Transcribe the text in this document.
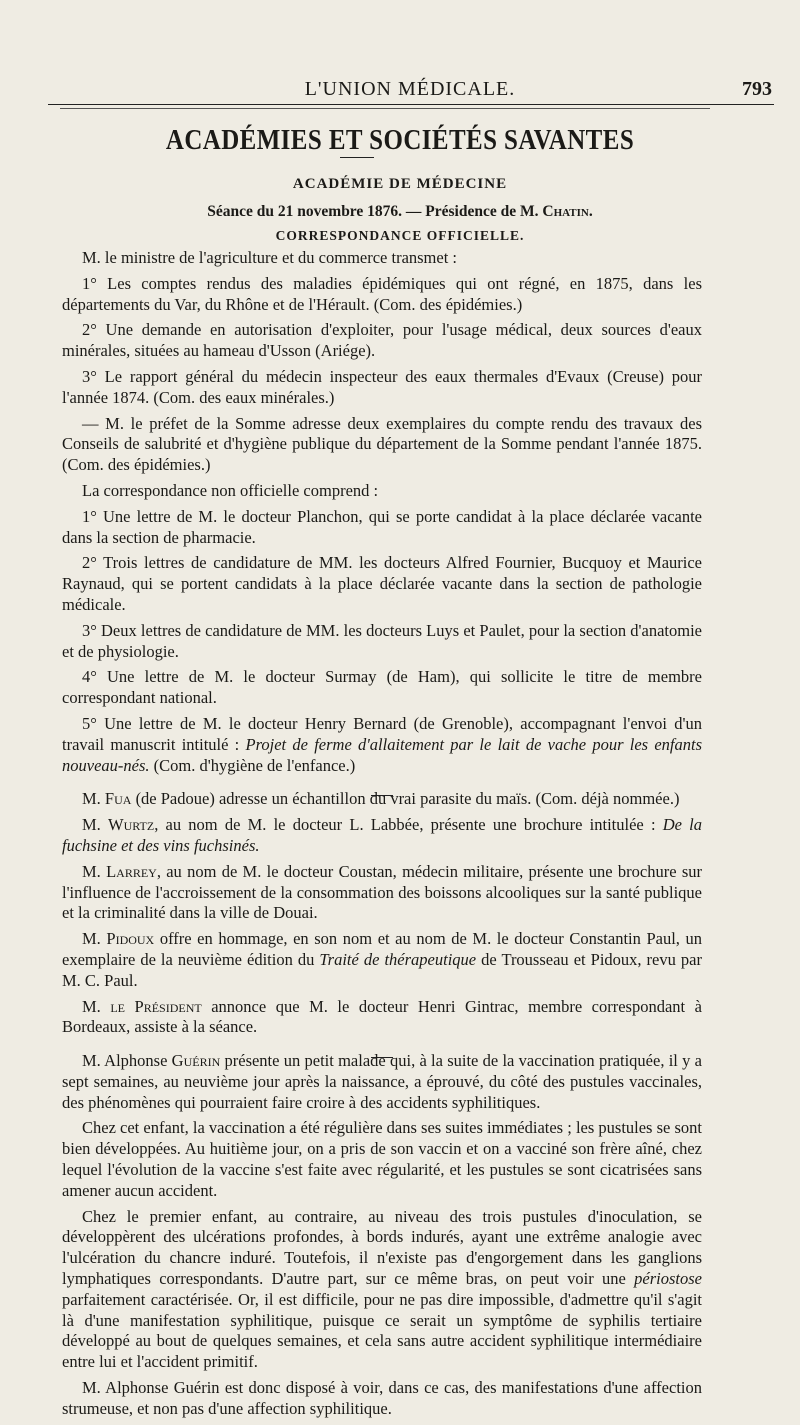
L'UNION MÉDICALE.	793
ACADÉMIES ET SOCIÉTÉS SAVANTES
ACADÉMIE DE MÉDECINE
Séance du 21 novembre 1876. — Présidence de M. Chatin.
CORRESPONDANCE OFFICIELLE.

M. le ministre de l'agriculture et du commerce transmet :

1° Les comptes rendus des maladies épidémiques qui ont régné, en 1875, dans les départements du Var, du Rhône et de l'Hérault. (Com. des épidémies.)

2° Une demande en autorisation d'exploiter, pour l'usage médical, deux sources d'eaux minérales, situées au hameau d'Usson (Ariége).

3° Le rapport général du médecin inspecteur des eaux thermales d'Evaux (Creuse) pour l'année 1874. (Com. des eaux minérales.)

— M. le préfet de la Somme adresse deux exemplaires du compte rendu des travaux des Conseils de salubrité et d'hygiène publique du département de la Somme pendant l'année 1875. (Com. des épidémies.)

La correspondance non officielle comprend :

1° Une lettre de M. le docteur Planchon, qui se porte candidat à la place déclarée vacante dans la section de pharmacie.

2° Trois lettres de candidature de MM. les docteurs Alfred Fournier, Bucquoy et Maurice Raynaud, qui se portent candidats à la place déclarée vacante dans la section de pathologie médicale.

3° Deux lettres de candidature de MM. les docteurs Luys et Paulet, pour la section d'anatomie et de physiologie.

4° Une lettre de M. le docteur Surmay (de Ham), qui sollicite le titre de membre correspondant national.

5° Une lettre de M. le docteur Henry Bernard (de Grenoble), accompagnant l'envoi d'un travail manuscrit intitulé : Projet de ferme d'allaitement par le lait de vache pour les enfants nouveau-nés. (Com. d'hygiène de l'enfance.)

M. Fua (de Padoue) adresse un échantillon du vrai parasite du maïs. (Com. déjà nommée.)

M. Wurtz, au nom de M. le docteur L. Labbée, présente une brochure intitulée : De la fuchsine et des vins fuchsinés.

M. Larrey, au nom de M. le docteur Coustan, médecin militaire, présente une brochure sur l'influence de l'accroissement de la consommation des boissons alcooliques sur la santé publique et la criminalité dans la ville de Douai.

M. Pidoux offre en hommage, en son nom et au nom de M. le docteur Constantin Paul, un exemplaire de la neuvième édition du Traité de thérapeutique de Trousseau et Pidoux, revu par M. C. Paul.

M. le Président annonce que M. le docteur Henri Gintrac, membre correspondant à Bordeaux, assiste à la séance.

M. Alphonse Guérin présente un petit malade qui, à la suite de la vaccination pratiquée, il y a sept semaines, au neuvième jour après la naissance, a éprouvé, du côté des pustules vaccinales, des phénomènes qui pourraient faire croire à des accidents syphilitiques.

Chez cet enfant, la vaccination a été régulière dans ses suites immédiates ; les pustules se sont bien développées. Au huitième jour, on a pris de son vaccin et on a vacciné son frère aîné, chez lequel l'évolution de la vaccine s'est faite avec régularité, et les pustules se sont cicatrisées sans amener aucun accident.

Chez le premier enfant, au contraire, au niveau des trois pustules d'inoculation, se développèrent des ulcérations profondes, à bords indurés, ayant une extrême analogie avec l'ulcération du chancre induré. Toutefois, il n'existe pas d'engorgement dans les ganglions lymphatiques correspondants. D'autre part, sur ce même bras, on peut voir une périostose parfaitement caractérisée. Or, il est difficile, pour ne pas dire impossible, d'admettre qu'il s'agit là d'une manifestation syphilitique, puisque ce serait un symptôme de syphilis tertiaire développé au bout de quelques semaines, et cela sans autre accident syphilitique intermédiaire entre lui et l'accident primitif.

M. Alphonse Guérin est donc disposé à voir, dans ce cas, des manifestations d'une affection strumeuse, et non pas d'une affection syphilitique.
